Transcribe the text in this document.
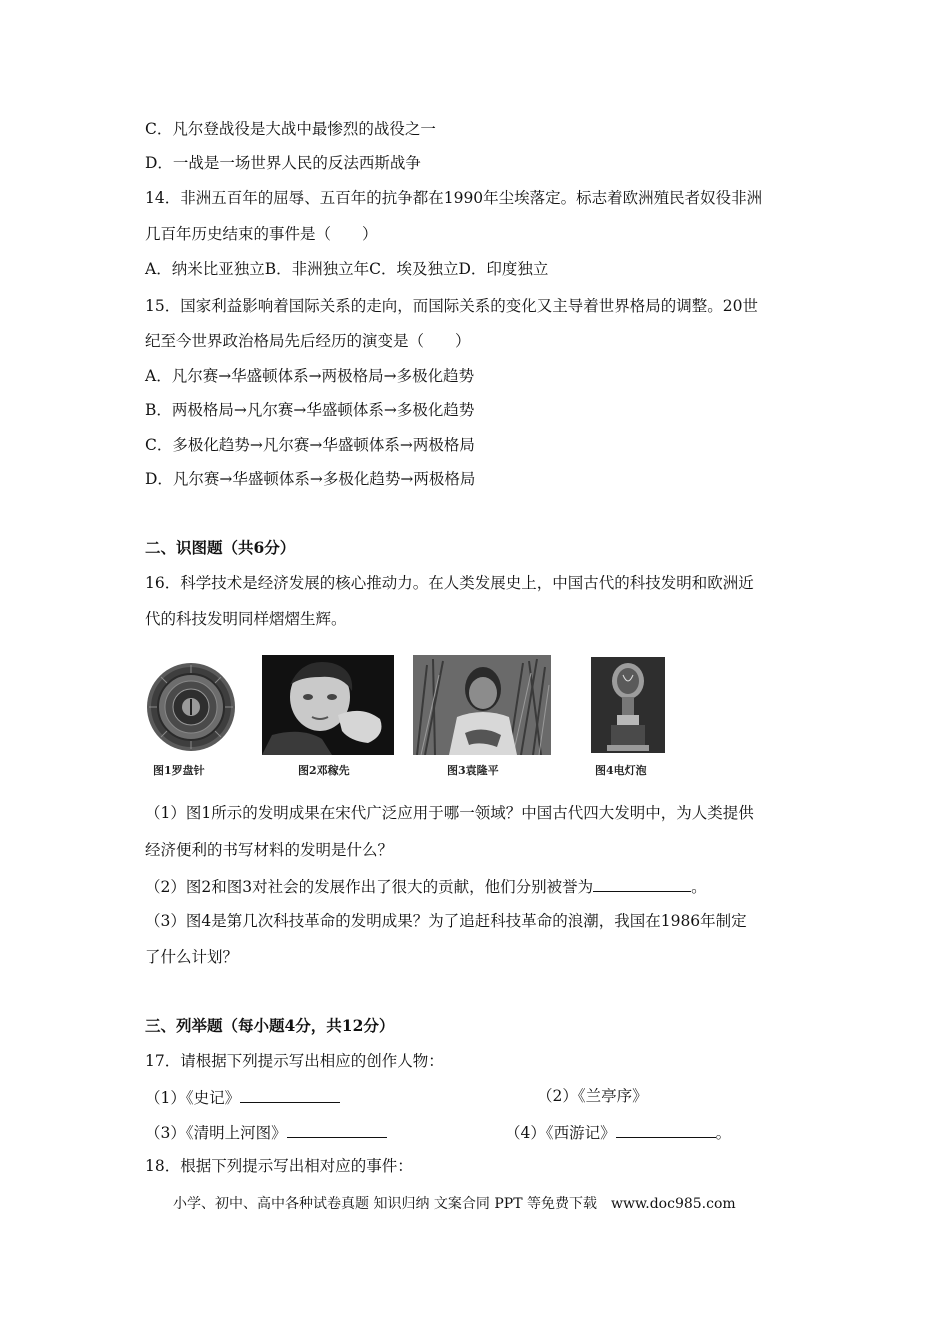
C．凡尔登战役是大战中最惨烈的战役之一
D．一战是一场世界人民的反法西斯战争
14．非洲五百年的屈辱、五百年的抗争都在1990年尘埃落定。标志着欧洲殖民者奴役非洲
几百年历史结束的事件是（　　）
A．纳米比亚独立B．非洲独立年C．埃及独立D．印度独立
15．国家利益影响着国际关系的走向，而国际关系的变化又主导着世界格局的调整。20世
纪至今世界政治格局先后经历的演变是（　　）
A．凡尔赛→华盛顿体系→两极格局→多极化趋势
B．两极格局→凡尔赛→华盛顿体系→多极化趋势
C．多极化趋势→凡尔赛→华盛顿体系→两极格局
D．凡尔赛→华盛顿体系→多极化趋势→两极格局
二、识图题（共6分）
16．科学技术是经济发展的核心推动力。在人类发展史上，中国古代的科技发明和欧洲近
代的科技发明同样熠熠生辉。
图1罗盘针	图2邓稼先	图3袁隆平	图4电灯泡
（1）图1所示的发明成果在宋代广泛应用于哪一领域？中国古代四大发明中，为人类提供
经济便利的书写材料的发明是什么？
（2）图2和图3对社会的发展作出了很大的贡献，他们分别被誉为	。
（3）图4是第几次科技革命的发明成果？为了追赶科技革命的浪潮，我国在1986年制定
了什么计划？
三、列举题（每小题4分，共12分）
17．请根据下列提示写出相应的创作人物：
（1）《史记》	（2）《兰亭序》
（3）《清明上河图》	（4）《西游记》	。
18．根据下列提示写出相对应的事件：
小学、初中、高中各种试卷真题 知识归纳 文案合同 PPT 等免费下载　www.doc985.com
